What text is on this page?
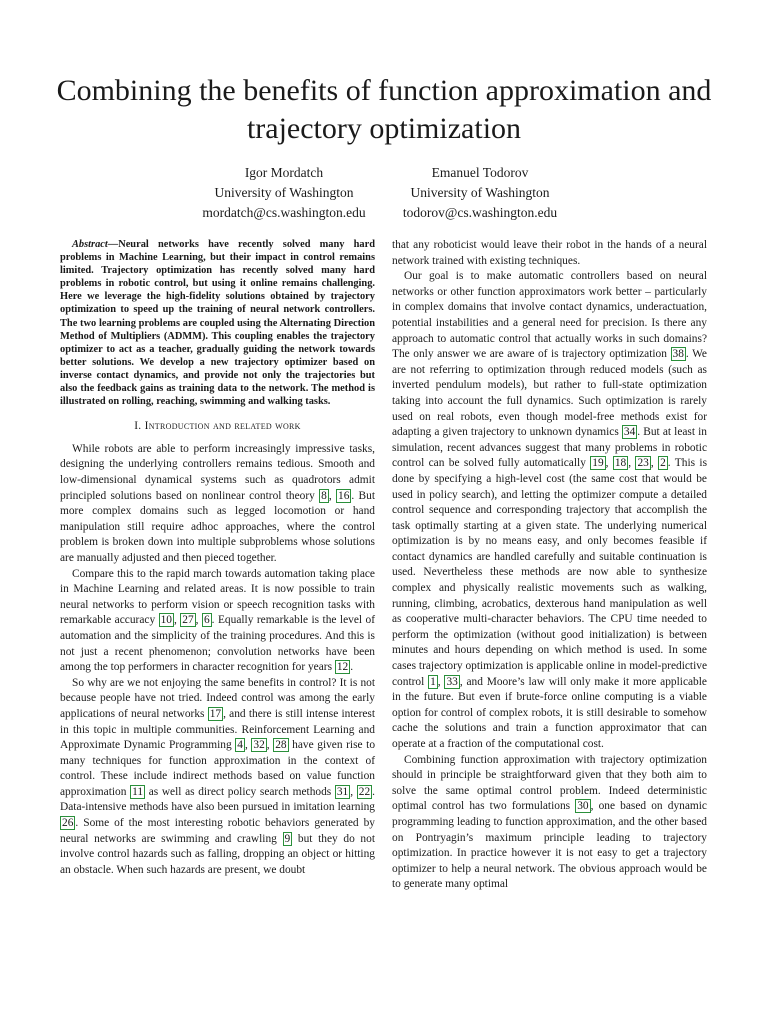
Combining the benefits of function approximation and trajectory optimization
Igor Mordatch
University of Washington
mordatch@cs.washington.edu
Emanuel Todorov
University of Washington
todorov@cs.washington.edu

Abstract—Neural networks have recently solved many hard problems in Machine Learning, but their impact in control remains limited. Trajectory optimization has recently solved many hard problems in robotic control, but using it online remains challenging. Here we leverage the high-fidelity solutions obtained by trajectory optimization to speed up the training of neural network controllers. The two learning problems are coupled using the Alternating Direction Method of Multipliers (ADMM). This coupling enables the trajectory optimizer to act as a teacher, gradually guiding the network towards better solutions. We develop a new trajectory optimizer based on inverse contact dynamics, and provide not only the trajectories but also the feedback gains as training data to the network. The method is illustrated on rolling, reaching, swimming and walking tasks.

I. Introduction and related work

While robots are able to perform increasingly impressive tasks, designing the underlying controllers remains tedious. Smooth and low-dimensional dynamical systems such as quadrotors admit principled solutions based on nonlinear control theory 8 , 16 . But more complex domains such as legged locomotion or hand manipulation still require adhoc approaches, where the control problem is broken down into multiple subproblems whose solutions are manually adjusted and then pieced together.

Compare this to the rapid march towards automation taking place in Machine Learning and related areas. It is now possible to train neural networks to perform vision or speech recognition tasks with remarkable accuracy 10 , 27 , 6 . Equally remarkable is the level of automation and the simplicity of the training procedures. And this is not just a recent phenomenon; convolution networks have been among the top performers in character recognition for years 12 .

So why are we not enjoying the same benefits in control? It is not because people have not tried. Indeed control was among the early applications of neural networks 17 , and there is still intense interest in this topic in multiple communities. Reinforcement Learning and Approximate Dynamic Programming 4 , 32 , 28 have given rise to many techniques for function approximation in the context of control. These include indirect methods based on value function approximation 11 as well as direct policy search methods 31 , 22 . Data-intensive methods have also been pursued in imitation learning 26 . Some of the most interesting robotic behaviors generated by neural networks are swimming and crawling 9 but they do not involve control hazards such as falling, dropping an object or hitting an obstacle. When such hazards are present, we doubt

that any roboticist would leave their robot in the hands of a neural network trained with existing techniques.

Our goal is to make automatic controllers based on neural networks or other function approximators work better – particularly in complex domains that involve contact dynamics, underactuation, potential instabilities and a general need for precision. Is there any approach to automatic control that actually works in such domains? The only answer we are aware of is trajectory optimization 38 . We are not referring to optimization through reduced models (such as inverted pendulum models), but rather to full-state optimization taking into account the full dynamics. Such optimization is rarely used on real robots, even though model-free methods exist for adapting a given trajectory to unknown dynamics 34 . But at least in simulation, recent advances suggest that many problems in robotic control can be solved fully automatically 19 , 18 , 23 , 2 . This is done by specifying a high-level cost (the same cost that would be used in policy search), and letting the optimizer compute a detailed control sequence and corresponding trajectory that accomplish the task optimally starting at a given state. The underlying numerical optimization is by no means easy, and only becomes feasible if contact dynamics are handled carefully and suitable continuation is used. Nevertheless these methods are now able to synthesize complex and physically realistic movements such as walking, running, climbing, acrobatics, dexterous hand manipulation as well as cooperative multi-character behaviors. The CPU time needed to perform the optimization (without good initialization) is between minutes and hours depending on which method is used. In some cases trajectory optimization is applicable online in model-predictive control 1 , 33 , and Moore’s law will only make it more applicable in the future. But even if brute-force online computing is a viable option for control of complex robots, it is still desirable to somehow cache the solutions and train a function approximator that can operate at a fraction of the computational cost.

Combining function approximation with trajectory optimization should in principle be straightforward given that they both aim to solve the same optimal control problem. Indeed deterministic optimal control has two formulations 30 , one based on dynamic programming leading to function approximation, and the other based on Pontryagin’s maximum principle leading to trajectory optimization. In practice however it is not easy to get a trajectory optimizer to help a neural network. The obvious approach would be to generate many optimal
